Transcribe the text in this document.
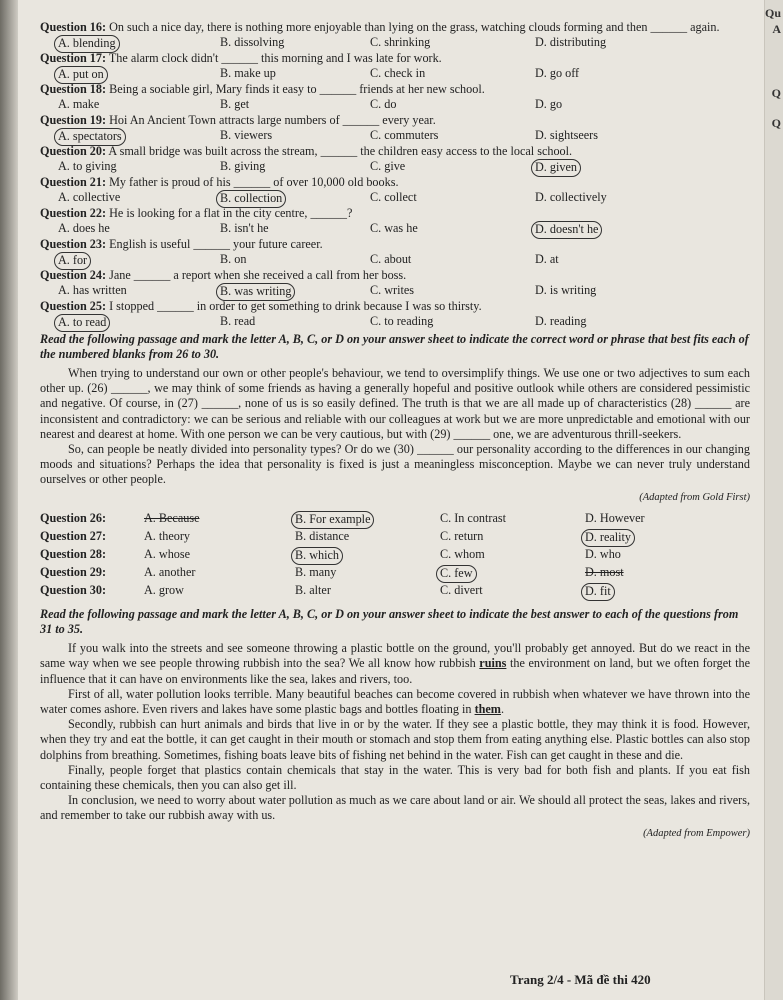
Qu
A
Q
Q
Question 16: On such a nice day, there is nothing more enjoyable than lying on the grass, watching clouds forming and then ______ again.
A. blending	B. dissolving	C. shrinking	D. distributing
Question 17: The alarm clock didn't ______ this morning and I was late for work.
A. put on	B. make up	C. check in	D. go off
Question 18: Being a sociable girl, Mary finds it easy to ______ friends at her new school.
A. make	B. get	C. do	D. go
Question 19: Hoi An Ancient Town attracts large numbers of ______ every year.
A. spectators	B. viewers	C. commuters	D. sightseers
Question 20: A small bridge was built across the stream, ______ the children easy access to the local school.
A. to giving	B. giving	C. give	D. given
Question 21: My father is proud of his ______ of over 10,000 old books.
A. collective	B. collection	C. collect	D. collectively
Question 22: He is looking for a flat in the city centre, ______?
A. does he	B. isn't he	C. was he	D. doesn't he
Question 23: English is useful ______ your future career.
A. for	B. on	C. about	D. at
Question 24: Jane ______ a report when she received a call from her boss.
A. has written	B. was writing	C. writes	D. is writing
Question 25: I stopped ______ in order to get something to drink because I was so thirsty.
A. to read	B. read	C. to reading	D. reading
Read the following passage and mark the letter A, B, C, or D on your answer sheet to indicate the correct word or phrase that best fits each of the numbered blanks from 26 to 30.

When trying to understand our own or other people's behaviour, we tend to oversimplify things. We use one or two adjectives to sum each other up. (26) ______, we may think of some friends as having a generally hopeful and positive outlook while others are considered pessimistic and negative. Of course, in (27) ______, none of us is so easily defined. The truth is that we are all made up of characteristics (28) ______ are inconsistent and contradictory: we can be serious and reliable with our colleagues at work but we are more unpredictable and emotional with our nearest and dearest at home. With one person we can be very cautious, but with (29) ______ one, we are adventurous thrill-seekers.

So, can people be neatly divided into personality types? Or do we (30) ______ our personality according to the differences in our changing moods and situations? Perhaps the idea that personality is fixed is just a meaningless misconception. Maybe we can never truly understand ourselves or other people.

(Adapted from Gold First)
Question 26:	A. Because	B. For example	C. In contrast	D. However
Question 27:	A. theory	B. distance	C. return	D. reality
Question 28:	A. whose	B. which	C. whom	D. who
Question 29:	A. another	B. many	C. few	D. most
Question 30:	A. grow	B. alter	C. divert	D. fit
Read the following passage and mark the letter A, B, C, or D on your answer sheet to indicate the best answer to each of the questions from 31 to 35.

If you walk into the streets and see someone throwing a plastic bottle on the ground, you'll probably get annoyed. But do we react in the same way when we see people throwing rubbish into the sea? We all know how rubbish ruins the environment on land, but we often forget the influence that it can have on environments like the sea, lakes and rivers, too.

First of all, water pollution looks terrible. Many beautiful beaches can become covered in rubbish when whatever we have thrown into the water comes ashore. Even rivers and lakes have some plastic bags and bottles floating in them.

Secondly, rubbish can hurt animals and birds that live in or by the water. If they see a plastic bottle, they may think it is food. However, when they try and eat the bottle, it can get caught in their mouth or stomach and stop them from eating anything else. Plastic bottles can also stop dolphins from breathing. Sometimes, fishing boats leave bits of fishing net behind in the water. Fish can get caught in these and die.

Finally, people forget that plastics contain chemicals that stay in the water. This is very bad for both fish and plants. If you eat fish containing these chemicals, then you can also get ill.

In conclusion, we need to worry about water pollution as much as we care about land or air. We should all protect the seas, lakes and rivers, and remember to take our rubbish away with us.

(Adapted from Empower)
Trang 2/4 - Mã đề thi 420
